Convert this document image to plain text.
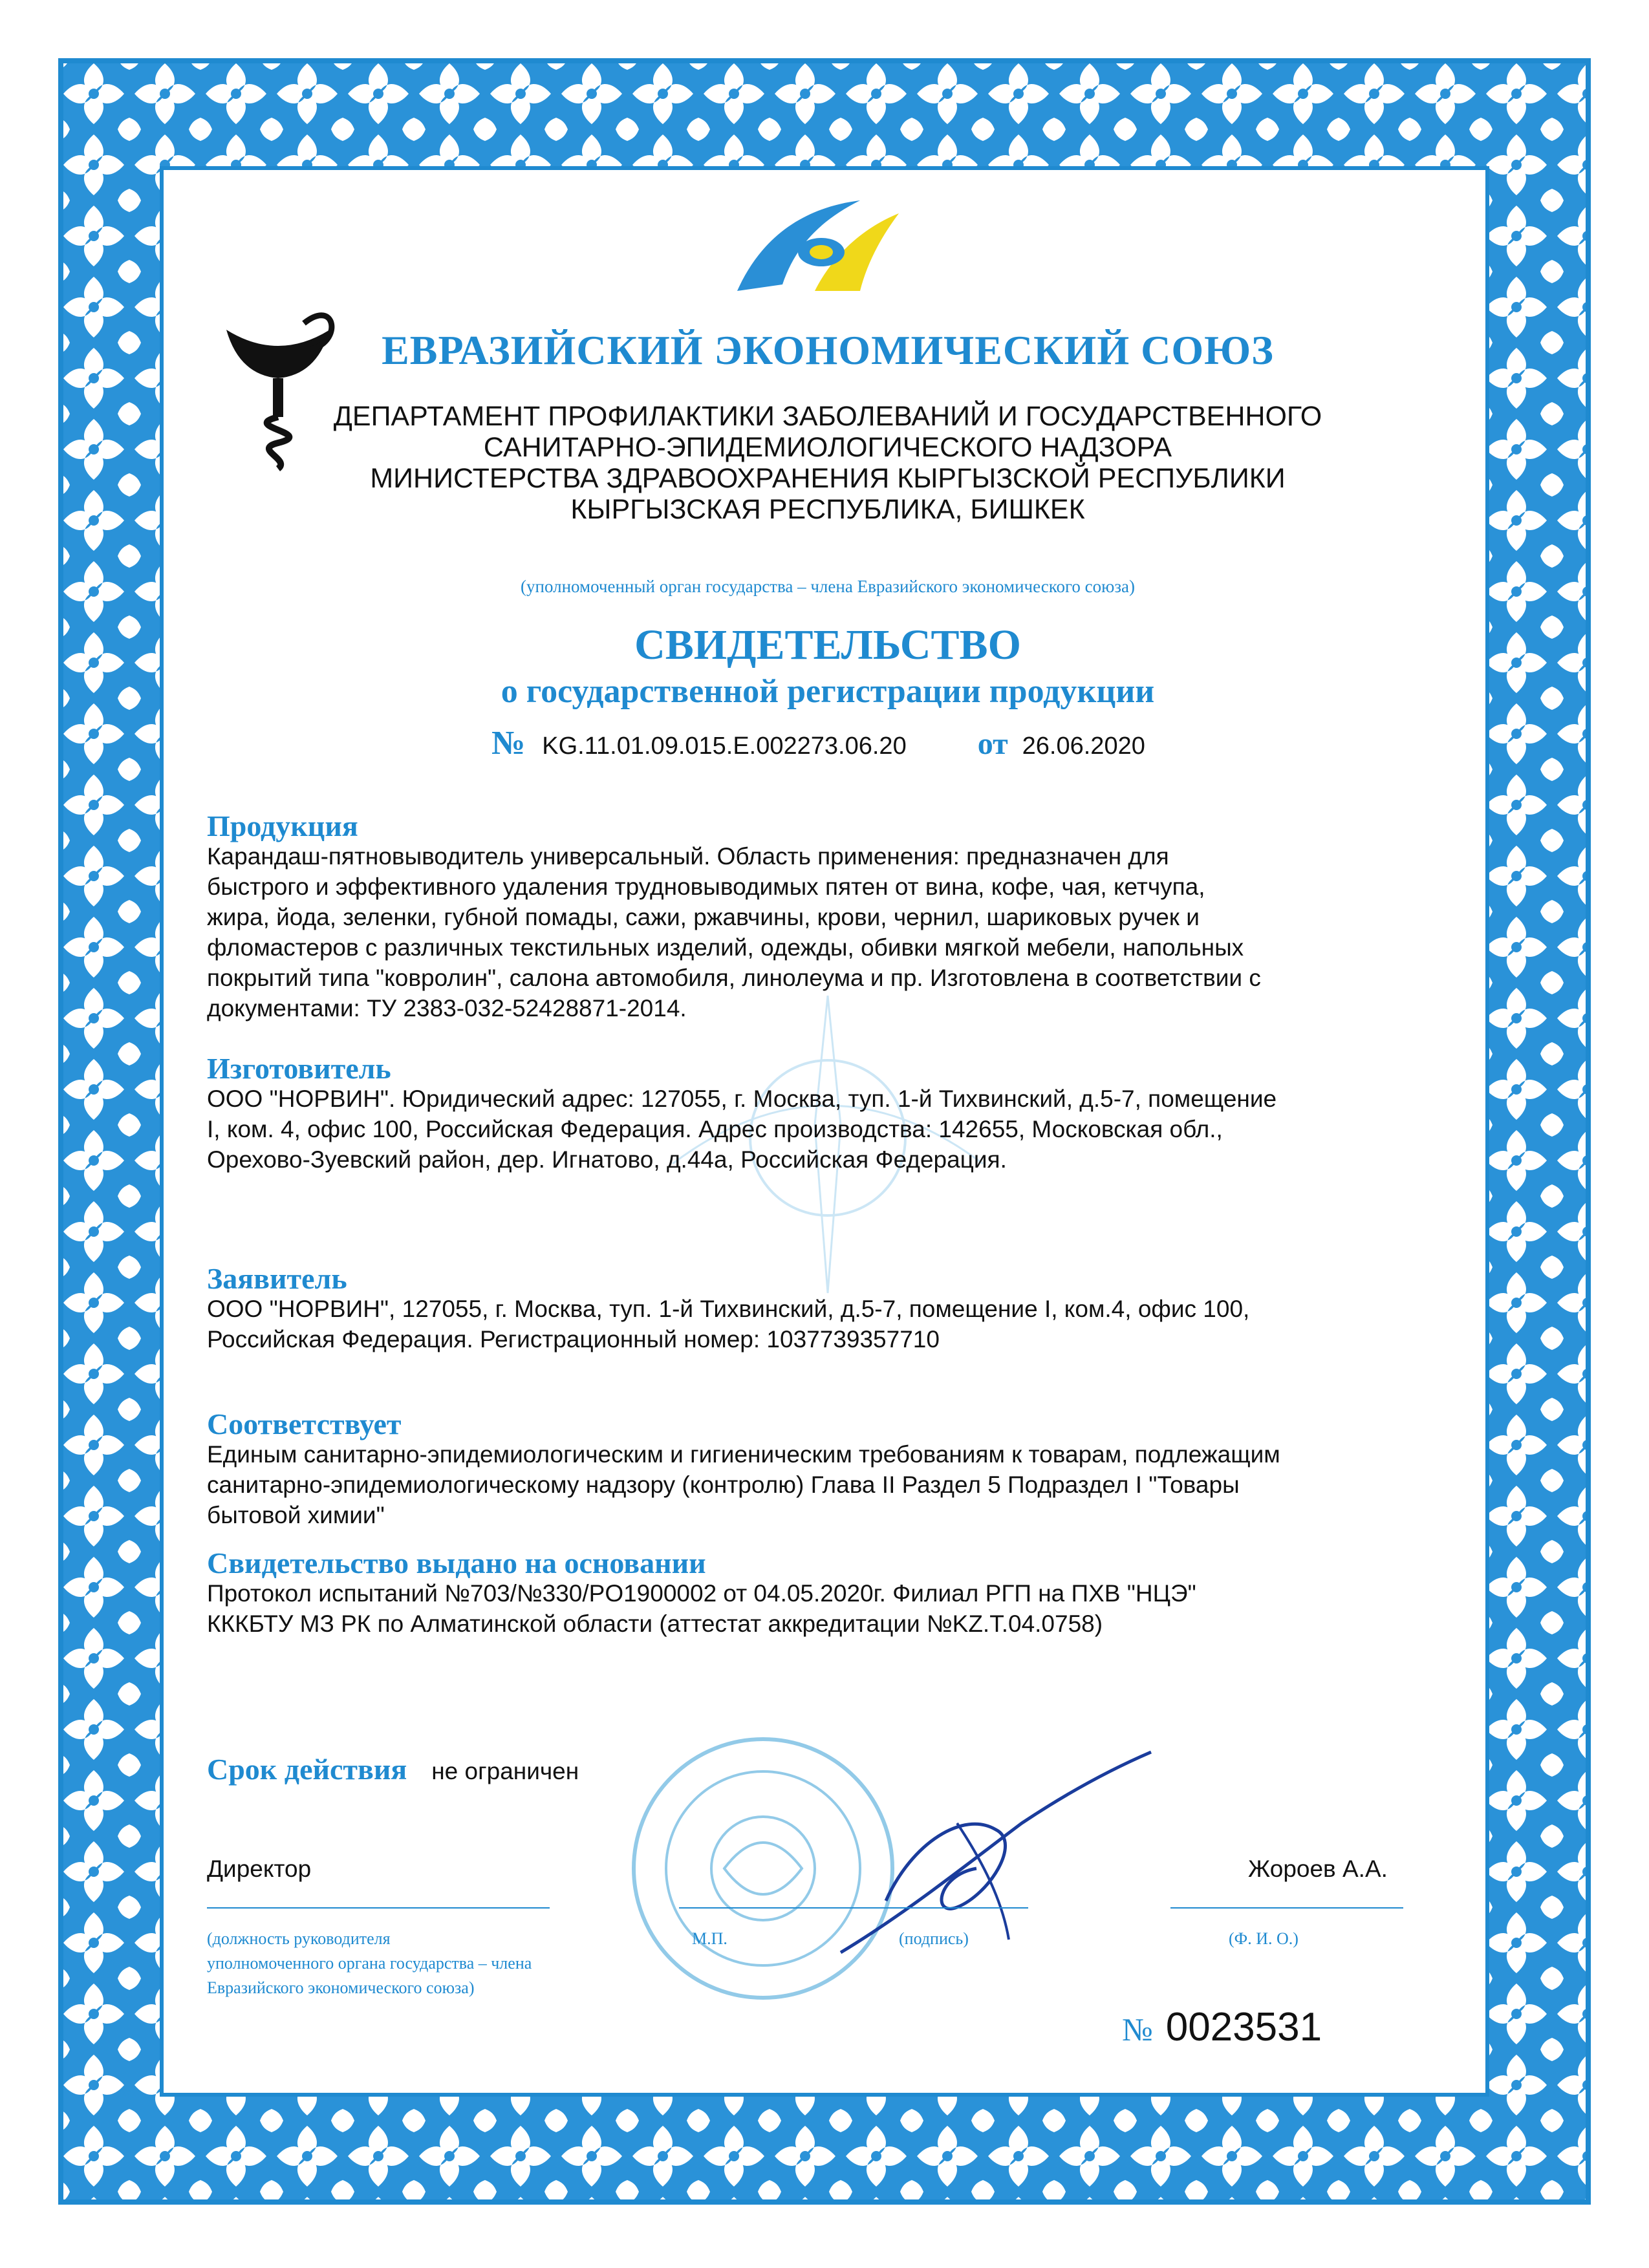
ЕВРАЗИЙСКИЙ ЭКОНОМИЧЕСКИЙ СОЮЗ
ДЕПАРТАМЕНТ ПРОФИЛАКТИКИ ЗАБОЛЕВАНИЙ И ГОСУДАРСТВЕННОГО
САНИТАРНО-ЭПИДЕМИОЛОГИЧЕСКОГО НАДЗОРА
МИНИСТЕРСТВА ЗДРАВООХРАНЕНИЯ КЫРГЫЗСКОЙ РЕСПУБЛИКИ
КЫРГЫЗСКАЯ РЕСПУБЛИКА, БИШКЕК
(уполномоченный орган государства – члена Евразийского экономического союза)
СВИДЕТЕЛЬСТВО
о государственной регистрации продукции
№ KG.11.01.09.015.E.002273.06.20 от 26.06.2020
Продукция
Карандаш-пятновыводитель универсальный. Область применения: предназначен для
быстрого и эффективного удаления трудновыводимых пятен от вина, кофе, чая, кетчупа,
жира, йода, зеленки, губной помады, сажи, ржавчины, крови, чернил, шариковых ручек и
фломастеров с различных текстильных изделий, одежды, обивки мягкой мебели, напольных
покрытий типа "ковролин", салона автомобиля, линолеума и пр. Изготовлена в соответствии с
документами: ТУ 2383-032-52428871-2014.
Изготовитель
ООО "НОРВИН". Юридический адрес: 127055, г. Москва, туп. 1-й Тихвинский, д.5-7, помещение
I, ком. 4, офис 100, Российская Федерация. Адрес производства: 142655, Московская обл.,
Орехово-Зуевский район, дер. Игнатово, д.44а, Российская Федерация.
Заявитель
ООО "НОРВИН", 127055, г. Москва, туп. 1-й Тихвинский, д.5-7, помещение I, ком.4, офис 100,
Российская Федерация. Регистрационный номер: 1037739357710
Соответствует
Единым санитарно-эпидемиологическим и гигиеническим требованиям к товарам, подлежащим
санитарно-эпидемиологическому надзору (контролю) Глава II Раздел 5 Подраздел I "Товары
бытовой химии"
Свидетельство выдано на основании
Протокол испытаний №703/№330/PO1900002 от 04.05.2020г. Филиал РГП на ПХВ "НЦЭ"
КККБТУ МЗ РК по Алматинской области (аттестат аккредитации №KZ.T.04.0758)
Срок действия не ограничен
Директор
(должность руководителя
уполномоченного органа государства – члена
Евразийского экономического союза)
М.П.	(подпись)
Жороев А.А.
(Ф. И. О.)
№ 0023531
